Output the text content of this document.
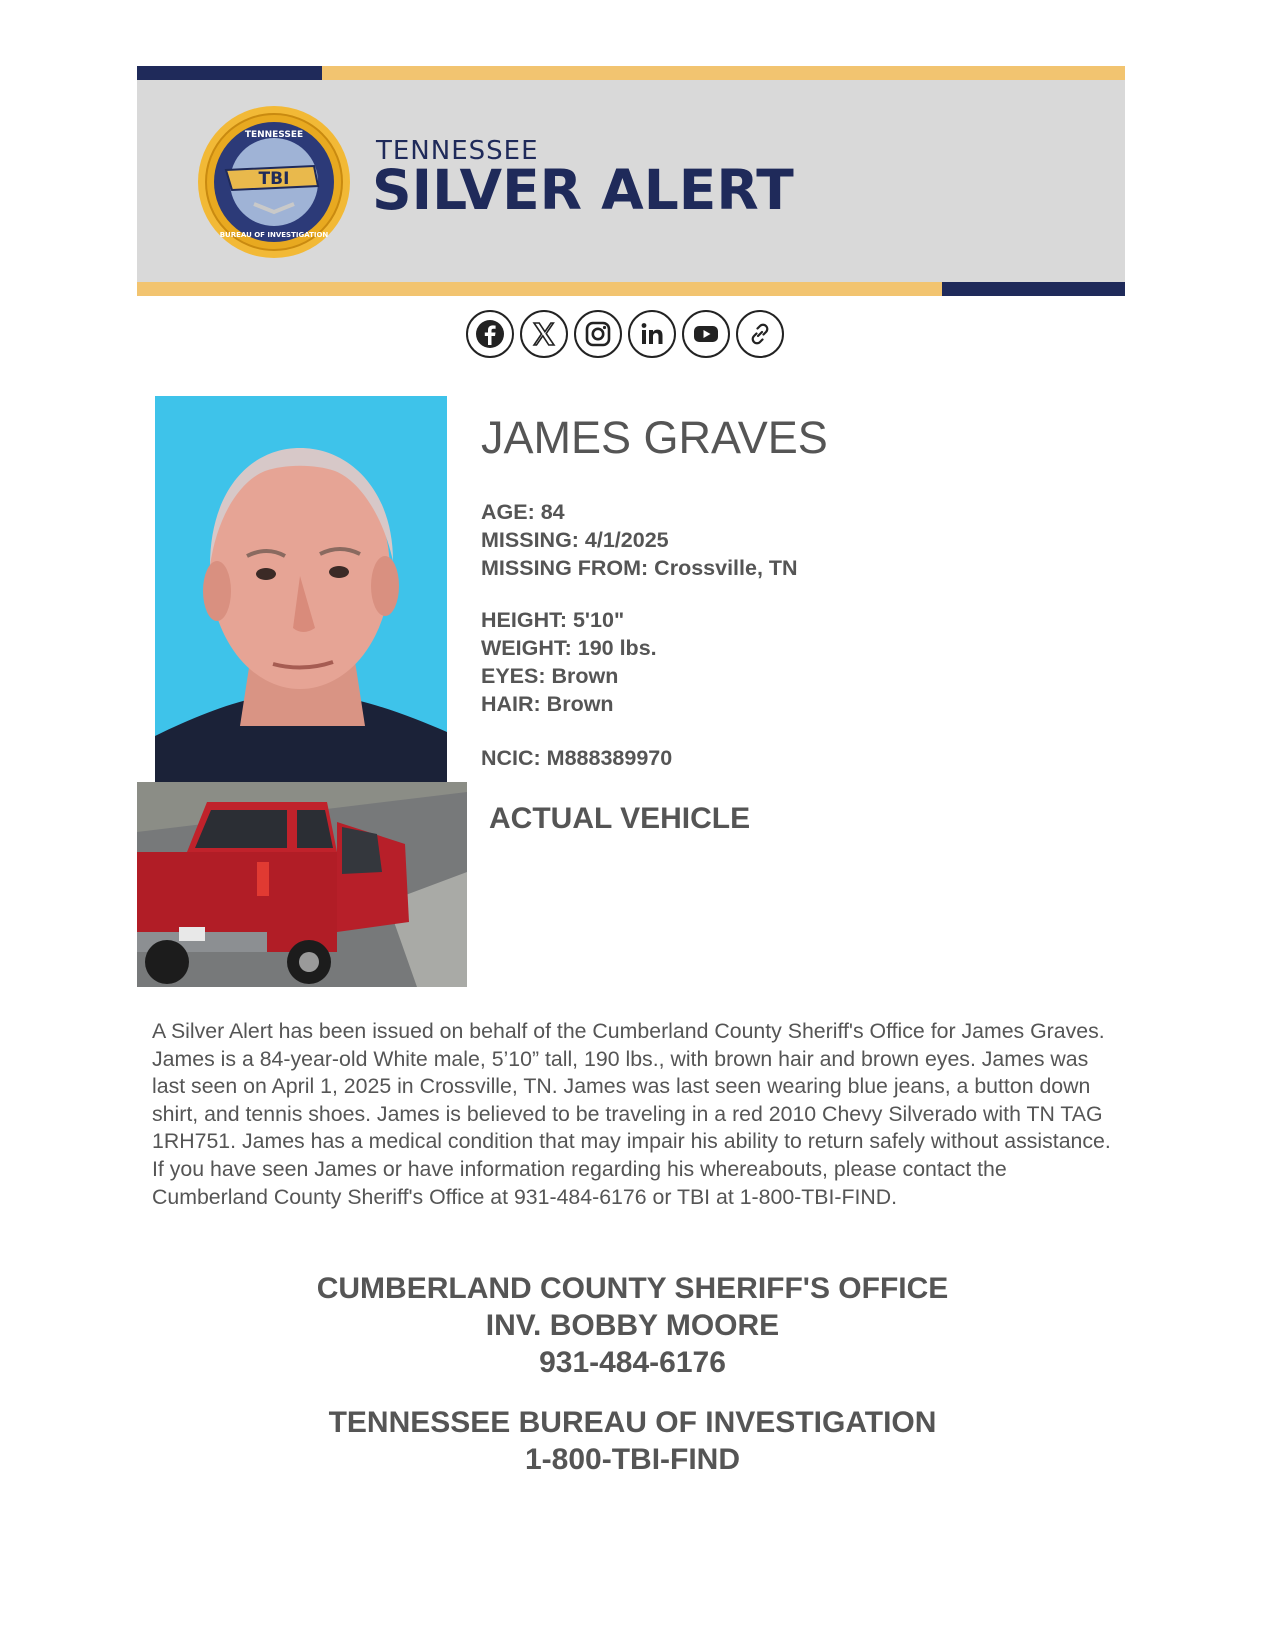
TBI
TENNESSEE
BUREAU OF INVESTIGATION
TENNESSEE
SILVER ALERT
JAMES GRAVES
AGE: 84
MISSING: 4/1/2025
MISSING FROM: Crossville, TN
HEIGHT: 5'10"
WEIGHT: 190 lbs.
EYES: Brown
HAIR: Brown
NCIC: M888389970
ACTUAL VEHICLE
A Silver Alert has been issued on behalf of the Cumberland County Sheriff's Office for James Graves. James is a 84-year-old White male, 5’10” tall, 190 lbs., with brown hair and brown eyes. James was last seen on April 1, 2025 in Crossville, TN. James was last seen wearing blue jeans, a button down shirt, and tennis shoes. James is believed to be traveling in a red 2010 Chevy Silverado with TN TAG 1RH751. James has a medical condition that may impair his ability to return safely without assistance. If you have seen James or have information regarding his whereabouts, please contact the Cumberland County Sheriff's Office at 931-484-6176 or TBI at 1-800-TBI-FIND.
CUMBERLAND COUNTY SHERIFF'S OFFICE
INV. BOBBY MOORE
931-484-6176
TENNESSEE BUREAU OF INVESTIGATION
1-800-TBI-FIND
